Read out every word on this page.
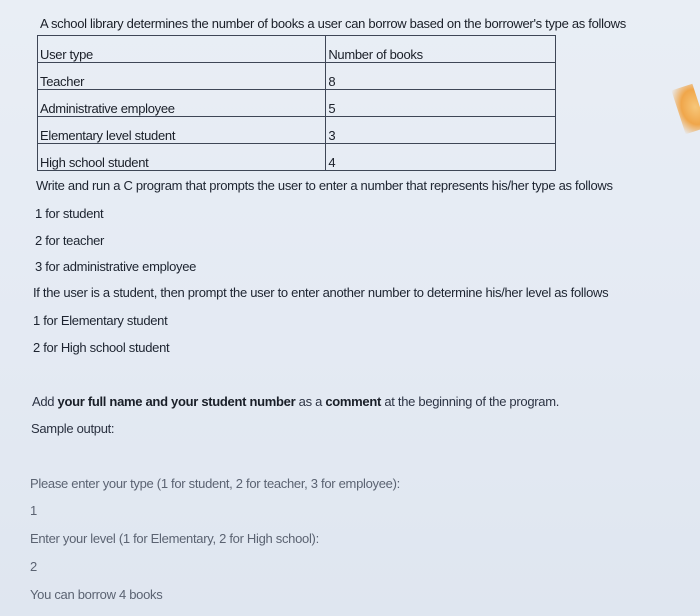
A school library determines the number of books a user can borrow based on the borrower's type as follows
User type	Number of books
Teacher	8
Administrative employee	5
Elementary level student	3
High school student	4
Write and run a C program that prompts the user to enter a number that represents his/her type as follows
1 for student
2 for teacher
3 for administrative employee
If the user is a student, then prompt the user to enter another number to determine his/her level as follows
1 for Elementary student
2 for High school student
Add your full name and your student number as a comment at the beginning of the program.
Sample output:
Please enter your type (1 for student, 2 for teacher, 3 for employee):
1
Enter your level (1 for Elementary, 2 for High school):
2
You can borrow 4 books
